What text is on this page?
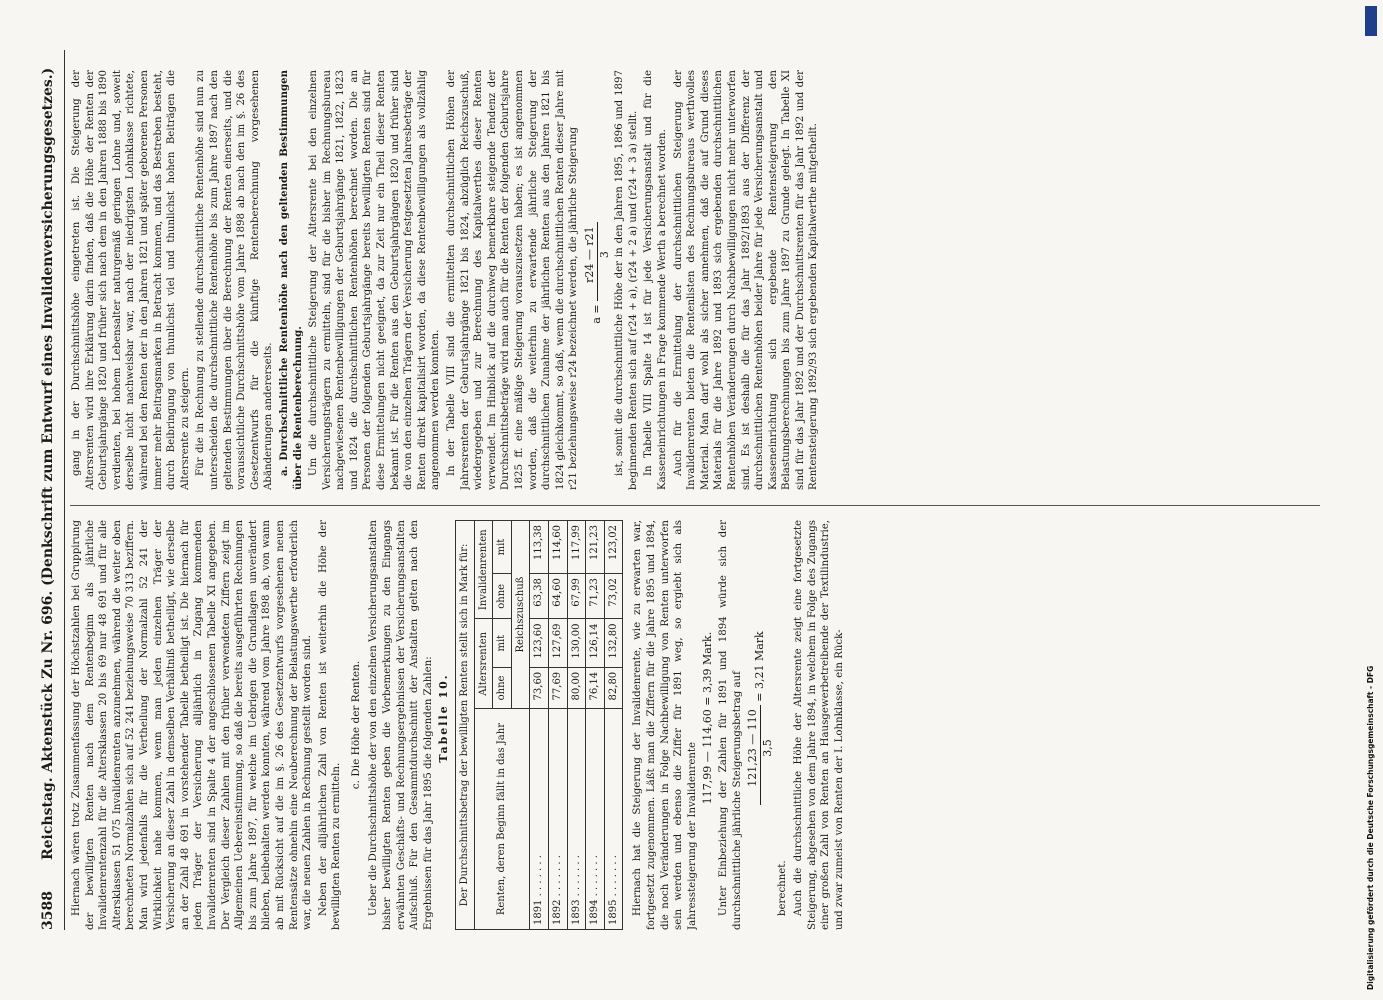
3588
Reichstag. Aktenstück Zu Nr. 696. (Denkschrift zum Entwurf eines Invalidenversicherungsgesetzes.) Hiernach wären trotz Zusammenfassung der Höchstzahlen bei Gruppirung der bewilligten Renten nach dem Rentenbeginn als jährliche Invalidenrentenzahl für die Altersklassen 20 bis 69 nur 48 691 und für alle Altersklassen 51 075 Invalidenrenten anzunehmen, während die weiter oben berechneten Normalzahlen sich auf 52 241 beziehungsweise 70 313 beziffern. Man wird jedenfalls für die Vertheilung der Normalzahl 52 241 der Wirklichkeit nahe kommen, wenn man jeden einzelnen Träger der Versicherung an dieser Zahl in demselben Verhältniß betheiligt, wie derselbe an der Zahl 48 691 in vorstehender Tabelle betheiligt ist. Die hiernach für jeden Träger der Versicherung alljährlich in Zugang kommenden Invalidenrenten sind in Spalte 4 der angeschlossenen Tabelle XI angegeben. Der Vergleich dieser Zahlen mit den früher verwendeten Ziffern zeigt im Allgemeinen Uebereinstimmung, so daß die bereits ausgeführten Rechnungen bis zum Jahre 1897, für welche im Uebrigen die Grundlagen unverändert blieben, beibehalten werden konnten, während vom Jahre 1898 ab, von wann ab mit Rücksicht auf die im §. 26 des Gesetzentwurfs vorgesehenen neuen Rentensätze ohnehin eine Neuberechnung der Belastungswerthe erforderlich war, die neuen Zahlen in Rechnung gestellt worden sind. Neben der alljährlichen Zahl von Renten ist weiterhin die Höhe der bewilligten Renten zu ermitteln.

c. Die Höhe der Renten. Ueber die Durchschnittshöhe der von den einzelnen Versicherungsanstalten bisher bewilligten Renten geben die Vorbemerkungen zu den Eingangs erwähnten Geschäfts- und Rechnungsergebnissen der Versicherungsanstalten Aufschluß. Für den Gesammtdurchschnitt der Anstalten gelten nach den Ergebnissen für das Jahr 1895 die folgenden Zahlen: Tabelle 10. Der Durchschnittsbetrag der bewilligten Renten stellt sich in Mark für:				
Renten, deren Beginn fällt in das Jahr	Altersrenten		Invalidenrenten	
	ohne	mit	ohne	mit
	Reichszuschuß			
1891 . . . . . . .	73,60	123,60	63,38	113,38
1892 . . . . . . .	77,69	127,69	64,60	114,60
1893 . . . . . . .	80,00	130,00	67,99	117,99
1894 . . . . . . .	76,14	126,14	71,23	121,23
1895 . . . . . . .	82,80	132,80	73,02	123,02 Hiernach hat die Steigerung der Invalidenrente, wie zu erwarten war, fortgesetzt zugenommen. Läßt man die Ziffern für die Jahre 1895 und 1894, die noch Veränderungen in Folge Nachbewilligung von Renten unterworfen sein werden und ebenso die Ziffer für 1891 weg, so ergiebt sich als Jahressteigerung der Invalidenrente

117,99 — 114,60 = 3,39 Mark. Unter Einbeziehung der Zahlen für 1891 und 1894 würde sich der durchschnittliche jährliche Steigerungsbetrag auf 121,23 — 110 3,5
= 3,21 Mark

berechnet. Auch die durchschnittliche Höhe der Altersrente zeigt eine fortgesetzte Steigerung, abgesehen von dem Jahre 1894, in welchem in Folge des Zugangs einer großen Zahl von Renten an Hausgewerbetreibende der Textilindustrie, und zwar zumeist von Renten der I. Lohnklasse, ein Rück-

gang in der Durchschnittshöhe eingetreten ist. Die Steigerung der Altersrenten wird ihre Erklärung darin finden, daß die Höhe der Renten der Geburtsjahrgänge 1820 und früher sich nach dem in den Jahren 1888 bis 1890 verdienten, bei hohem Lebensalter naturgemäß geringen Lohne und, soweit derselbe nicht nachweisbar war, nach der niedrigsten Lohnklasse richtete, während bei den Renten der in den Jahren 1821 und später geborenen Personen immer mehr Beitragsmarken in Betracht kommen, und das Bestreben besteht, durch Beibringung von thunlichst viel und thunlichst hohen Beiträgen die Altersrente zu steigern. Für die in Rechnung zu stellende durchschnittliche Rentenhöhe sind nun zu unterscheiden die durchschnittliche Rentenhöhe bis zum Jahre 1897 nach den geltenden Bestimmungen über die Berechnung der Renten einerseits, und die voraussichtliche Durchschnittshöhe vom Jahre 1898 ab nach den im §. 26 des Gesetzentwurfs für die künftige Rentenberechnung vorgesehenen Abänderungen andererseits. a. Durchschnittliche Rentenhöhe nach den geltenden Bestimmungen über die Rentenberechnung. Um die durchschnittliche Steigerung der Altersrente bei den einzelnen Versicherungsträgern zu ermitteln, sind für die bisher im Rechnungsbureau nachgewiesenen Rentenbewilligungen der Geburtsjahrgänge 1821, 1822, 1823 und 1824 die durchschnittlichen Rentenhöhen berechnet worden. Die an Personen der folgenden Geburtsjahrgänge bereits bewilligten Renten sind für diese Ermittelungen nicht geeignet, da zur Zeit nur ein Theil dieser Renten bekannt ist. Für die Renten aus den Geburtsjahrgängen 1820 und früher sind die von den einzelnen Trägern der Versicherung festgesetzten Jahresbeträge der Renten direkt kapitalisirt worden, da diese Rentenbewilligungen als vollzählig angenommen werden konnten. In der Tabelle VIII sind die ermittelten durchschnittlichen Höhen der Jahresrenten der Geburtsjahrgänge 1821 bis 1824, abzüglich Reichszuschuß, wiedergegeben und zur Berechnung des Kapitalwerthes dieser Renten verwendet. Im Hinblick auf die durchweg bemerkbare steigende Tendenz der Durchschnittsbeträge wird man auch für die Renten der folgenden Geburtsjahre 1825 ff. eine mäßige Steigerung vorauszusetzen haben; es ist angenommen worden, daß die weiterhin zu erwartende jährliche Steigerung der durchschnittlichen Zunahme der jährlichen Renten aus den Jahren 1821 bis 1824 gleichkommt, so daß, wenn die durchschnittlichen Renten dieser Jahre mit r21 beziehungsweise r24 bezeichnet werden, die jährliche Steigerung a =
r24 — r21 3 ist, somit die durchschnittliche Höhe der in den Jahren 1895, 1896 und 1897 beginnenden Renten sich auf (r24 + a), (r24 + 2 a) und (r24 + 3 a) stellt. In Tabelle VIII Spalte 14 ist für jede Versicherungsanstalt und für die Kasseneinrichtungen in Frage kommende Werth a berechnet worden. Auch für die Ermittelung der durchschnittlichen Steigerung der Invalidenrenten bieten die Rentenlisten des Rechnungsbureaus werthvolles Material. Man darf wohl als sicher annehmen, daß die auf Grund dieses Materials für die Jahre 1892 und 1893 sich ergebenden durchschnittlichen Rentenhöhen Veränderungen durch Nachbewilligungen nicht mehr unterworfen sind. Es ist deshalb die für das Jahr 1892/1893 aus der Differenz der durchschnittlichen Rentenhöhen beider Jahre für jede Versicherungsanstalt und Kasseneinrichtung sich ergebende Rentensteigerung den Belastungsberechnungen bis zum Jahre 1897 zu Grunde gelegt. In Tabelle XI sind für das Jahr 1892 und der Durchschnittsrenten für das Jahr 1892 und der Rentensteigerung 1892/93 sich ergebenden Kapitalwerthe mitgetheilt.

Digitalisierung gefördert durch die Deutsche Forschungsgemeinschaft - DFG
